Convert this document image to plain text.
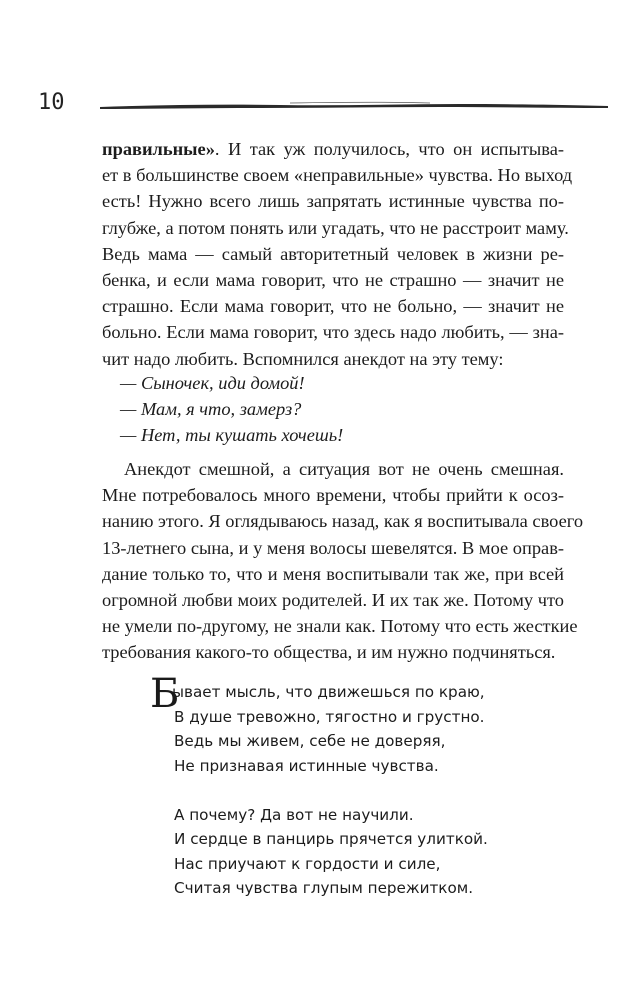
10
правильные». И так уж получилось, что он испытыва-
ет в большинстве своем «неправильные» чувства. Но выход
есть! Нужно всего лишь запрятать истинные чувства по-
глубже, а потом понять или угадать, что не расстроит маму.
Ведь мама — самый авторитетный человек в жизни ре-
бенка, и если мама говорит, что не страшно — значит не
страшно. Если мама говорит, что не больно, — значит не
больно. Если мама говорит, что здесь надо любить, — зна-
чит надо любить. Вспомнился анекдот на эту тему:
— Сыночек, иди домой!
— Мам, я что, замерз?
— Нет, ты кушать хочешь!
Анекдот смешной, а ситуация вот не очень смешная.
Мне потребовалось много времени, чтобы прийти к осоз-
нанию этого. Я оглядываюсь назад, как я воспитывала своего
13-летнего сына, и у меня волосы шевелятся. В мое оправ-
дание только то, что и меня воспитывали так же, при всей
огромной любви моих родителей. И их так же. Потому что
не умели по-другому, не знали как. Потому что есть жесткие
требования какого-то общества, и им нужно подчиняться.
Б
ывает мысль, что движешься по краю,
В душе тревожно, тягостно и грустно.
Ведь мы живем, себе не доверяя,
Не признавая истинные чувства.
А почему? Да вот не научили.
И сердце в панцирь прячется улиткой.
Нас приучают к гордости и силе,
Считая чувства глупым пережитком.
